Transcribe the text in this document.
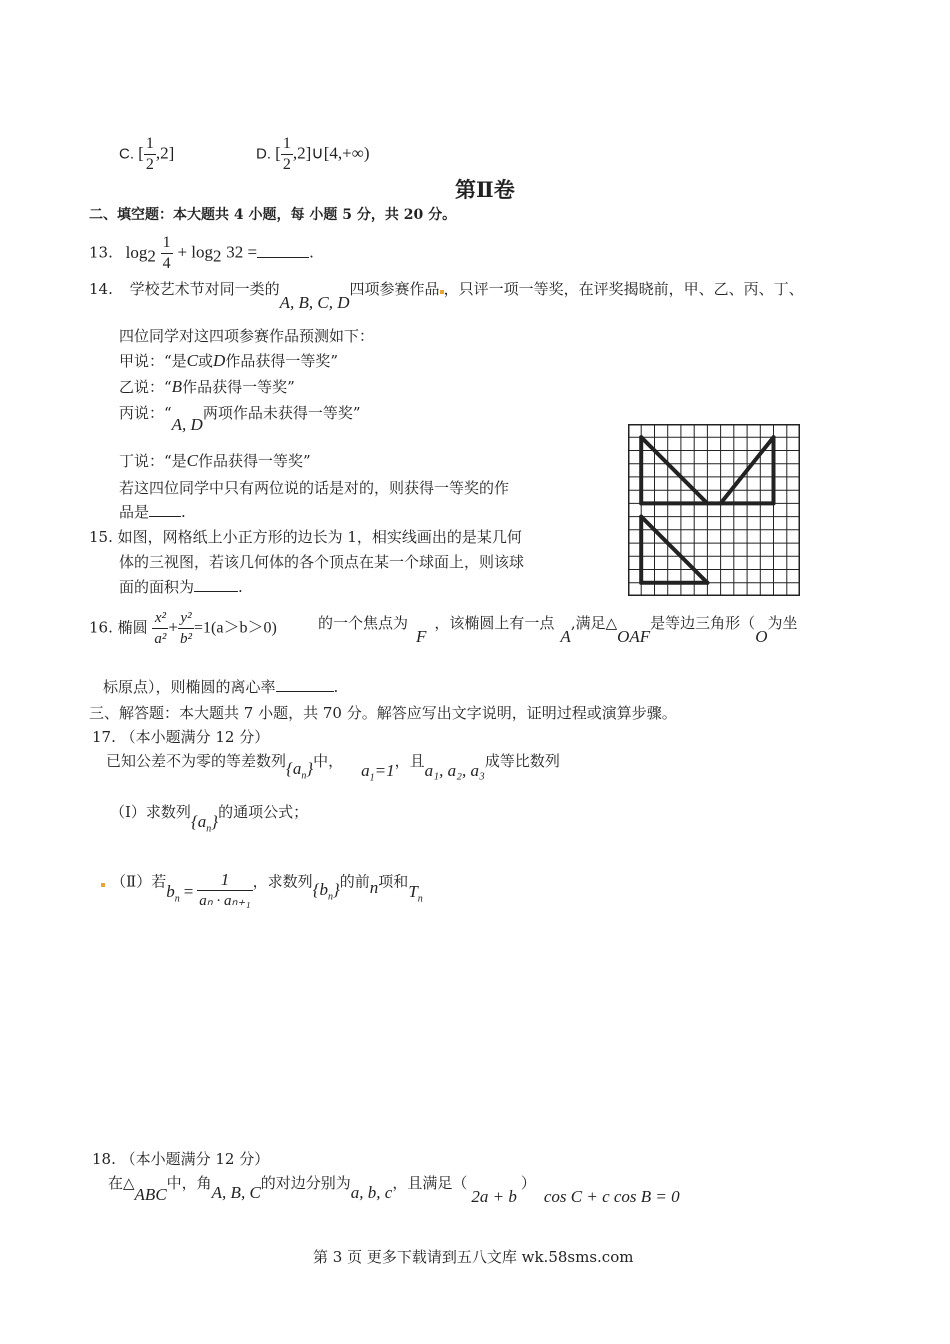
C. [ $\frac{1}{2} ,2$]	D. [ $\frac{1}{2}$ ,2]∪[4,+∞)
第Ⅱ卷
二、填空题：本大题共 4 小题，每 小题 5 分，共 20 分。
13. $\log_2 \frac{1}{4} + \log_2 32$ =	.
14. 学校艺术节对同一类的A, B, C, D四项参赛作品 ，只评一项一等奖，在评奖揭晓前，甲、乙、丙、丁、
四位同学对这四项参赛作品预测如下：
甲说：“是C或D作品获得一等奖”
乙说：“B作品获得一等奖”
丙说：“A, D两项作品未获得一等奖”
丁说：“是C作品获得一等奖”
若这四位同学中只有两位说的话是对的，则获得一等奖的作
品是 .
15. 如图，网格纸上小正方形的边长为 1，相实线画出的是某几何
体的三视图，若该几何体的各个顶点在某一个球面上，则该球
面的面积为	.
16. 椭圆 $\frac{\text{x²}}{\text{a²}} + \frac{\text{y²}}{\text{b²}} =1(a>b>0)$	的一个焦点为F，该椭圆上有一点A,满足△OAF是等边三角形（O为坐
标原点），则椭圆的离心率	.
三、解答题：本大题共 7 小题，共 70 分。解答应写出文字说明，证明过程或演算步骤。
17. （本小题满分 12 分）
已知公差不为零的等差数列$\{a_n\}$中， $a_1=1$，且a₁, a₂, a₃成等比数列
（Ⅰ）求数列$\{a_n\}$的通项公式；
（Ⅱ）若$b_n = \frac{1}{\text{aₙ · aₙ₊₁}}$ ，求数列$\{b_n\}$的前n项和$T_n$
18. （本小题满分 12 分）
在△ABC中，角A, B, C的对边分别为a, b, c，且满足（2a + b）cos C + c cos B = 0
第 3 页 更多下载请到五八文库 wk.58sms.com
